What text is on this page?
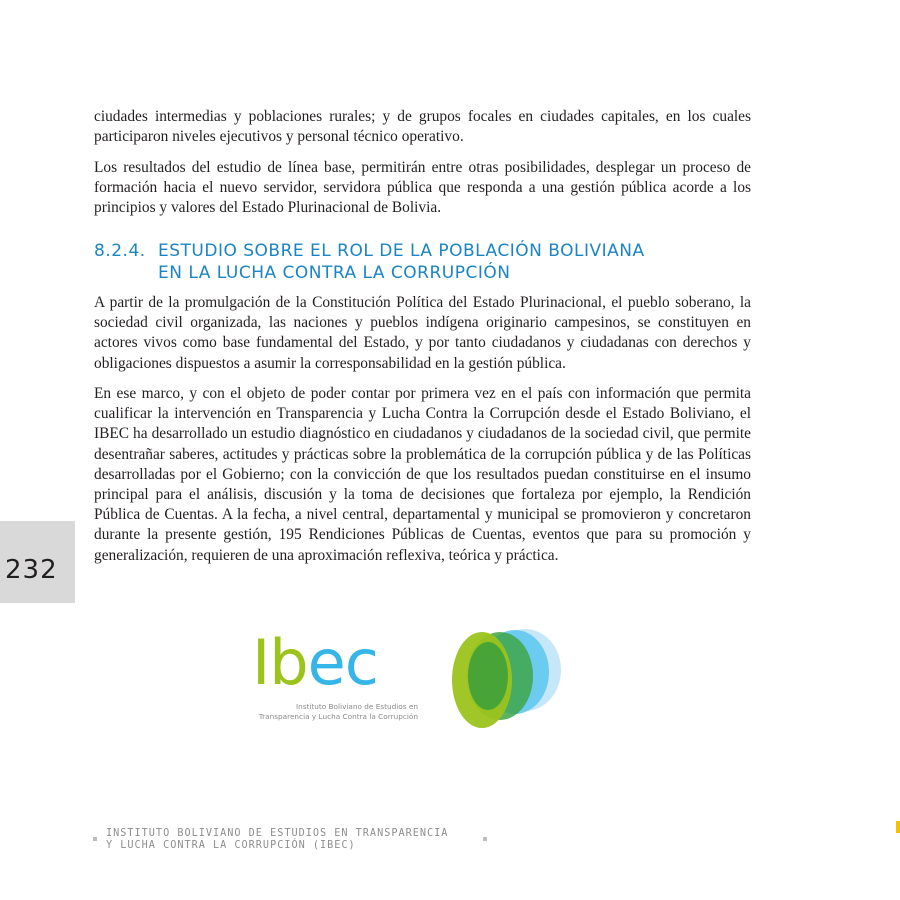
ciudades intermedias y poblaciones rurales; y de grupos focales en ciudades capitales, en los cuales participaron niveles ejecutivos y personal técnico operativo.

Los resultados del estudio de línea base, permitirán entre otras posibilidades, desplegar un proceso de formación hacia el nuevo servidor, servidora pública que responda a una gestión pública acorde a los principios y valores del Estado Plurinacional de Bolivia.

8.2.4. ESTUDIO SOBRE EL ROL DE LA POBLACIÓN BOLIVIANA
EN LA LUCHA CONTRA LA CORRUPCIÓN

A partir de la promulgación de la Constitución Política del Estado Plurinacional, el pueblo soberano, la sociedad civil organizada, las naciones y pueblos indígena originario campesinos, se constituyen en actores vivos como base fundamental del Estado, y por tanto ciudadanos y ciudadanas con derechos y obligaciones dispuestos a asumir la corresponsabilidad en la gestión pública.

En ese marco, y con el objeto de poder contar por primera vez en el país con información que permita cualificar la intervención en Transparencia y Lucha Contra la Corrupción desde el Estado Boliviano, el IBEC ha desarrollado un estudio diagnóstico en ciudadanos y ciudadanos de la sociedad civil, que permite desentrañar saberes, actitudes y prácticas sobre la problemática de la corrupción pública y de las Políticas desarrolladas por el Gobierno; con la convicción de que los resultados puedan constituirse en el insumo principal para el análisis, discusión y la toma de decisiones que fortaleza por ejemplo, la Rendición Pública de Cuentas. A la fecha, a nivel central, departamental y municipal se promovieron y concretaron durante la presente gestión, 195 Rendiciones Públicas de Cuentas, eventos que para su promoción y generalización, requieren de una aproximación reflexiva, teórica y práctica.

232
Ibec
Instituto Boliviano de Estudios en
Transparencia y Lucha Contra la Corrupción
INSTITUTO BOLIVIANO DE ESTUDIOS EN TRANSPARENCIA
Y LUCHA CONTRA LA CORRUPCIÓN (IBEC)
